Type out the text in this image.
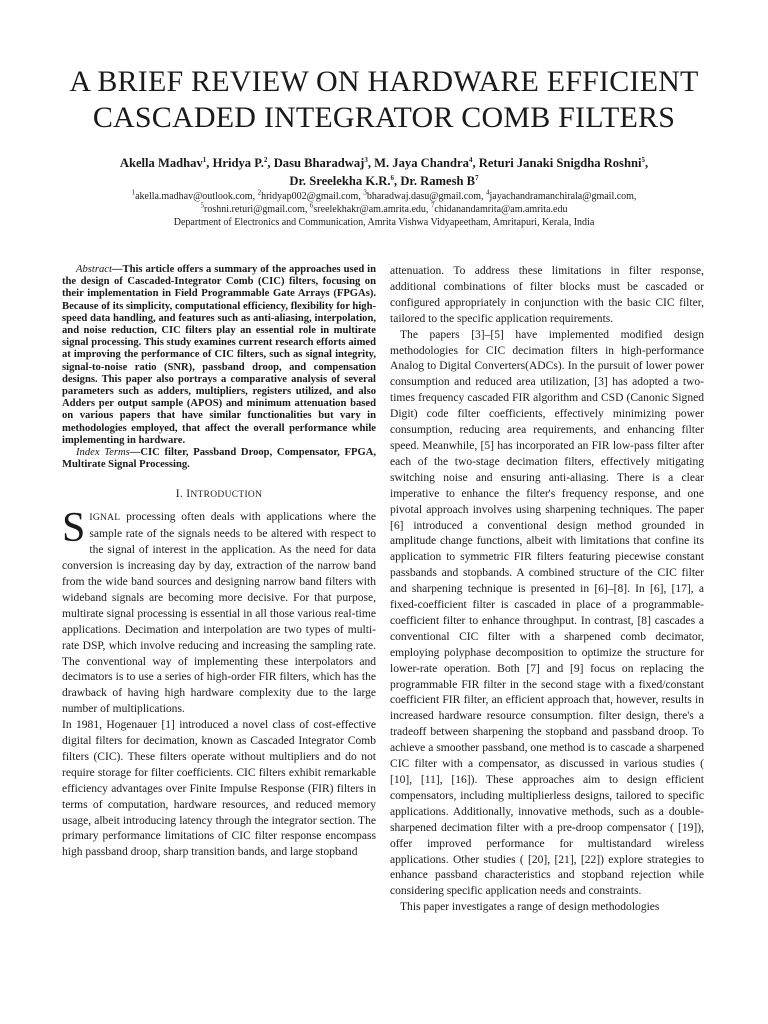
A BRIEF REVIEW ON HARDWARE EFFICIENT
CASCADED INTEGRATOR COMB FILTERS
Akella Madhav$^1$, Hridya P.$^2$, Dasu Bharadwaj$^3$, M. Jaya Chandra$^4$, Returi Janaki Snigdha Roshni$^5$,
Dr. Sreelekha K.R.$^6$, Dr. Ramesh $B^7$
$^1$akella.madhav@outlook.com, $^2$hridyap002@gmail.com, $^3$bharadwaj.dasu@gmail.com, $^4$jayachandramanchirala@gmail.com,
$^5$roshni.returi@gmail.com, $^6$sreelekhakr@am.amrita.edu, $^7$chidanandamrita@am.amrita.edu
Department of Electronics and Communication, Amrita Vishwa Vidyapeetham, Amritapuri, Kerala, India

Abstract—This article offers a summary of the approaches used in the design of Cascaded-Integrator Comb (CIC) filters, focusing on their implementation in Field Programmable Gate Arrays (FPGAs). Because of its simplicity, computational efficiency, flexibility for high-speed data handling, and features such as anti-aliasing, interpolation, and noise reduction, CIC filters play an essential role in multirate signal processing. This study examines current research efforts aimed at improving the performance of CIC filters, such as signal integrity, signal-to-noise ratio (SNR), passband droop, and compensation designs. This paper also portrays a comparative analysis of several parameters such as adders, multipliers, registers utilized, and also Adders per output sample (APOS) and minimum attenuation based on various papers that have similar functionalities but vary in methodologies employed, that affect the overall performance while implementing in hardware.

Index Terms—CIC filter, Passband Droop, Compensator, FPGA, Multirate Signal Processing.

I. INTRODUCTION

SIGNAL processing often deals with applications where the sample rate of the signals needs to be altered with respect to the signal of interest in the application. As the need for data conversion is increasing day by day, extraction of the narrow band from the wide band sources and designing narrow band filters with wideband signals are becoming more decisive. For that purpose, multirate signal processing is essential in all those various real-time applications. Decimation and interpolation are two types of multi-rate DSP, which involve reducing and increasing the sampling rate. The conventional way of implementing these interpolators and decimators is to use a series of high-order FIR filters, which has the drawback of having high hardware complexity due to the large number of multiplications.

In 1981, Hogenauer [1] introduced a novel class of cost-effective digital filters for decimation, known as Cascaded Integrator Comb filters (CIC). These filters operate without multipliers and do not require storage for filter coefficients. CIC filters exhibit remarkable efficiency advantages over Finite Impulse Response (FIR) filters in terms of computation, hardware resources, and reduced memory usage, albeit introducing latency through the integrator section. The primary performance limitations of CIC filter response encompass high passband droop, sharp transition bands, and large stopband

attenuation. To address these limitations in filter response, additional combinations of filter blocks must be cascaded or configured appropriately in conjunction with the basic CIC filter, tailored to the specific application requirements.

The papers [3]–[5] have implemented modified design methodologies for CIC decimation filters in high-performance Analog to Digital Converters(ADCs). In the pursuit of lower power consumption and reduced area utilization, [3] has adopted a two-times frequency cascaded FIR algorithm and CSD (Canonic Signed Digit) code filter coefficients, effectively minimizing power consumption, reducing area requirements, and enhancing filter speed. Meanwhile, [5] has incorporated an FIR low-pass filter after each of the two-stage decimation filters, effectively mitigating switching noise and ensuring anti-aliasing. There is a clear imperative to enhance the filter's frequency response, and one pivotal approach involves using sharpening techniques. The paper [6] introduced a conventional design method grounded in amplitude change functions, albeit with limitations that confine its application to symmetric FIR filters featuring piecewise constant passbands and stopbands. A combined structure of the CIC filter and sharpening technique is presented in [6]–[8]. In [6], [17], a fixed-coefficient filter is cascaded in place of a programmable-coefficient filter to enhance throughput. In contrast, [8] cascades a conventional CIC filter with a sharpened comb decimator, employing polyphase decomposition to optimize the structure for lower-rate operation. Both [7] and [9] focus on replacing the programmable FIR filter in the second stage with a fixed/constant coefficient FIR filter, an efficient approach that, however, results in increased hardware resource consumption. filter design, there's a tradeoff between sharpening the stopband and passband droop. To achieve a smoother passband, one method is to cascade a sharpened CIC filter with a compensator, as discussed in various studies ( [10], [11], [16]). These approaches aim to design efficient compensators, including multiplierless designs, tailored to specific applications. Additionally, innovative methods, such as a double-sharpened decimation filter with a pre-droop compensator ( [19]), offer improved performance for multistandard wireless applications. Other studies ( [20], [21], [22]) explore strategies to enhance passband characteristics and stopband rejection while considering specific application needs and constraints.

This paper investigates a range of design methodologies
